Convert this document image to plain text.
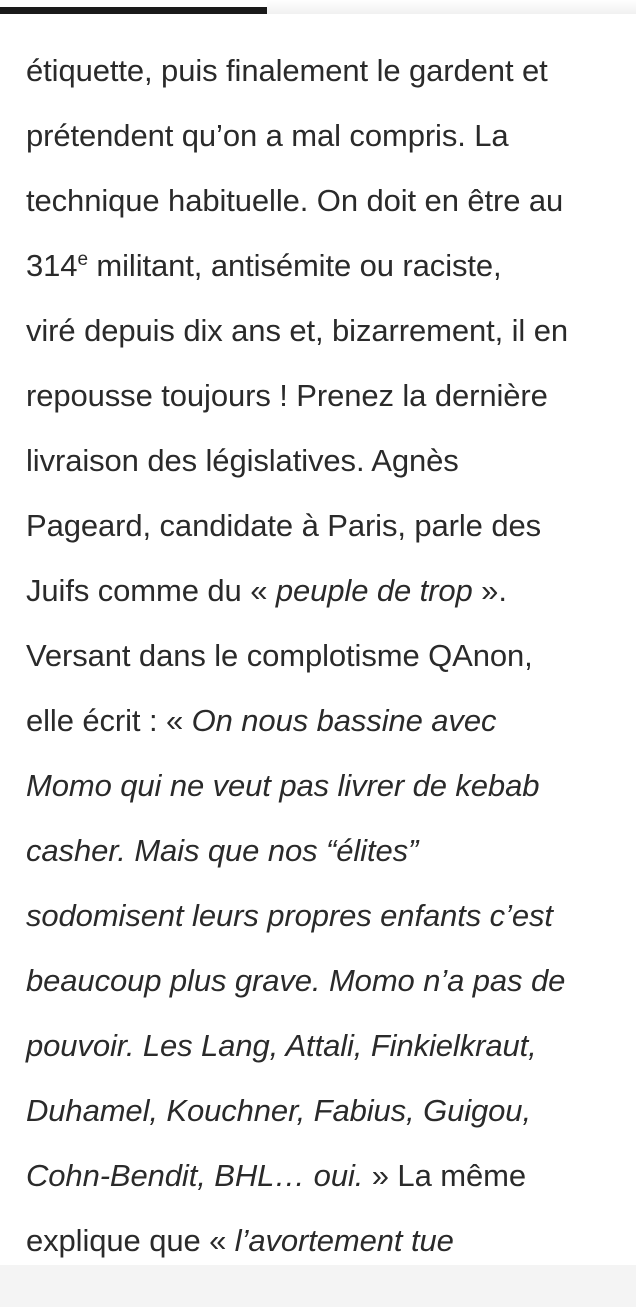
étiquette, puis finalement le gardent et
prétendent qu’on a mal compris. La
technique habituelle. On doit en être au
314e militant, antisémite ou raciste,
viré depuis dix ans et, bizarrement, il en
repousse toujours ! Prenez la dernière
livraison des législatives. Agnès
Pageard, candidate à Paris, parle des
Juifs comme du « peuple de trop ».
Versant dans le complotisme QAnon,
elle écrit : « On nous bassine avec
Momo qui ne veut pas livrer de kebab
casher. Mais que nos “élites”
sodomisent leurs propres enfants c’est
beaucoup plus grave. Momo n’a pas de
pouvoir. Les Lang, Attali, Finkielkraut,
Duhamel, Kouchner, Fabius, Guigou,
Cohn-Bendit, BHL… oui. » La même
explique que « l’avortement tue
